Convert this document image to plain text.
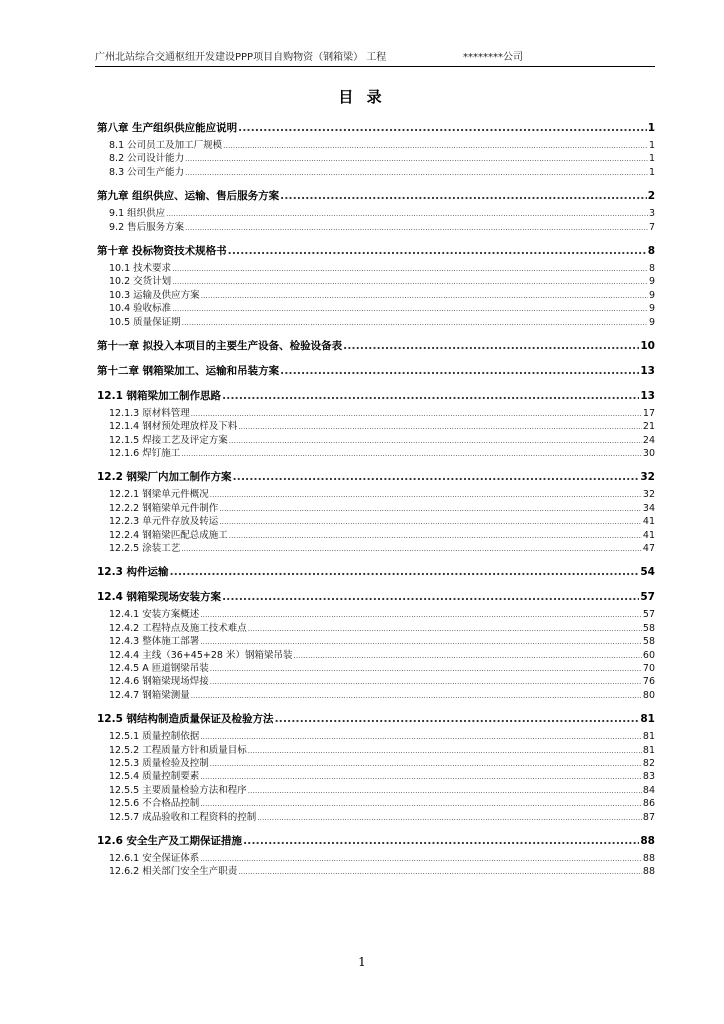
广州北站综合交通枢纽开发建设PPP项目自购物资（钢箱梁） 工程	********公司
目 录
第八章 生产组织供应能应说明 .....	1
8.1 公司员工及加工厂规模 .....	1
8.2 公司设计能力 .....	1
8.3 公司生产能力 .....	1
第九章 组织供应、运输、售后服务方案 .....	2
9.1 组织供应 .....	3
9.2 售后服务方案 .....	7
第十章 投标物资技术规格书 .....	8
10.1 技术要求 .....	8
10.2 交货计划 .....	9
10.3 运输及供应方案 .....	9
10.4 验收标准 .....	9
10.5 质量保证期 .....	9
第十一章 拟投入本项目的主要生产设备、检验设备表 .....	10
第十二章 钢箱梁加工、运输和吊装方案 .....	13
12.1 钢箱梁加工制作思路 .....	13
12.1.3 原材料管理 .....	17
12.1.4 钢材预处理放样及下料 .....	21
12.1.5 焊接工艺及评定方案 .....	24
12.1.6 焊钉施工 .....	30
12.2 钢梁厂内加工制作方案 .....	32
12.2.1 钢梁单元件概况 .....	32
12.2.2 钢箱梁单元件制作 .....	34
12.2.3 单元件存放及转运 .....	41
12.2.4 钢箱梁匹配总成施工 .....	41
12.2.5 涂装工艺 .....	47
12.3 构件运输 .....	54
12.4 钢箱梁现场安装方案 .....	57
12.4.1 安装方案概述 .....	57
12.4.2 工程特点及施工技术难点 .....	58
12.4.3 整体施工部署 .....	58
12.4.4 主线（36+45+28 米）钢箱梁吊装 .....	60
12.4.5 A 匝道钢梁吊装 .....	70
12.4.6 钢箱梁现场焊接 .....	76
12.4.7 钢箱梁测量 .....	80
12.5 钢结构制造质量保证及检验方法 .....	81
12.5.1 质量控制依据 .....	81
12.5.2 工程质量方针和质量目标 .....	81
12.5.3 质量检验及控制 .....	82
12.5.4 质量控制要素 .....	83
12.5.5 主要质量检验方法和程序 .....	84
12.5.6 不合格品控制 .....	86
12.5.7 成品验收和工程资料的控制 .....	87
12.6 安全生产及工期保证措施 .....	88
12.6.1 安全保证体系 .....	88
12.6.2 相关部门安全生产职责 .....	88
1
